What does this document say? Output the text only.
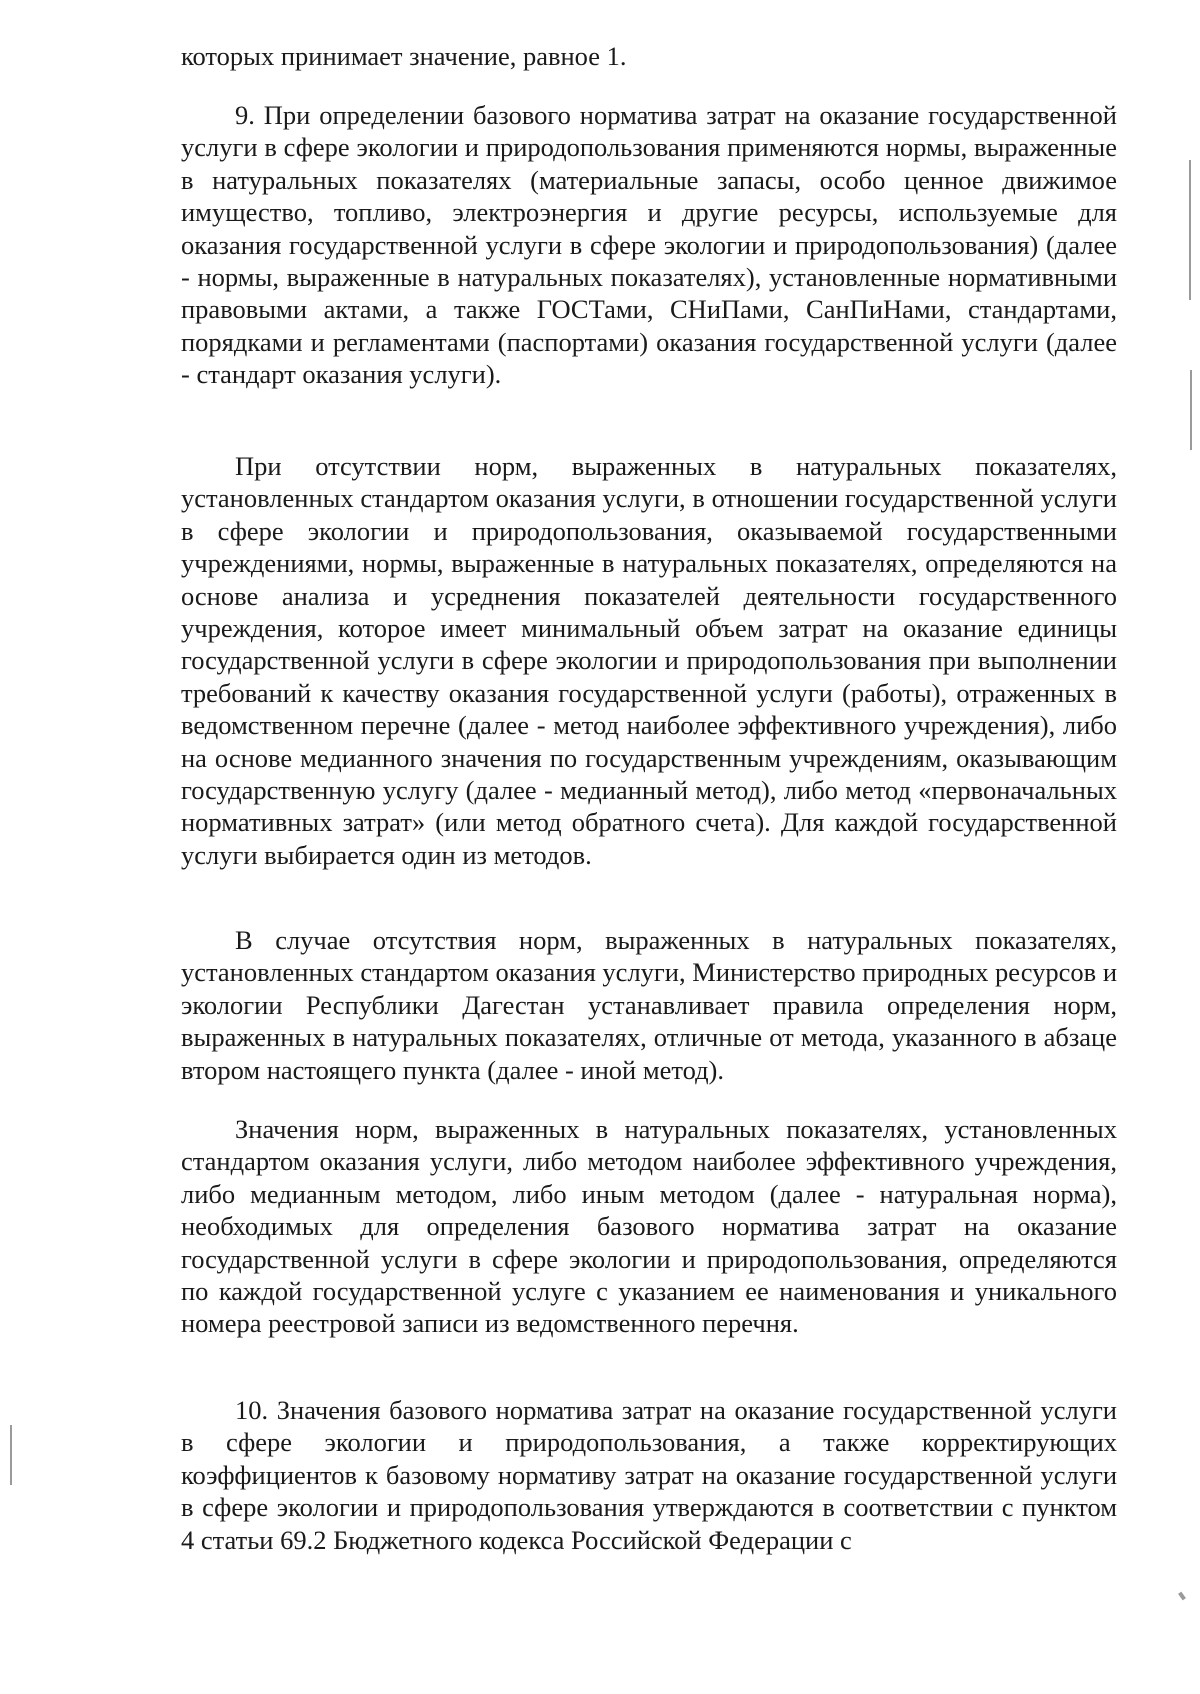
которых принимает значение, равное 1.

9. При определении базового норматива затрат на оказание государственной услуги в сфере экологии и природопользования применяются нормы, выраженные в натуральных показателях (материальные запасы, особо ценное движимое имущество, топливо, электроэнергия и другие ресурсы, используемые для оказания государственной услуги в сфере экологии и природопользования) (далее - нормы, выраженные в натуральных показателях), установленные нормативными правовыми актами, а также ГОСТами, СНиПами, СанПиНами, стандартами, порядками и регламентами (паспортами) оказания государственной услуги (далее - стандарт оказания услуги).

При отсутствии норм, выраженных в натуральных показателях, установленных стандартом оказания услуги, в отношении государственной услуги в сфере экологии и природопользования, оказываемой государственными учреждениями, нормы, выраженные в натуральных показателях, определяются на основе анализа и усреднения показателей деятельности государственного учреждения, которое имеет минимальный объем затрат на оказание единицы государственной услуги в сфере экологии и природопользования при выполнении требований к качеству оказания государственной услуги (работы), отраженных в ведомственном перечне (далее - метод наиболее эффективного учреждения), либо на основе медианного значения по государственным учреждениям, оказывающим государственную услугу (далее - медианный метод), либо метод «первоначальных нормативных затрат» (или метод обратного счета). Для каждой государственной услуги выбирается один из методов.

В случае отсутствия норм, выраженных в натуральных показателях, установленных стандартом оказания услуги, Министерство природных ресурсов и экологии Республики Дагестан устанавливает правила определения норм, выраженных в натуральных показателях, отличные от метода, указанного в абзаце втором настоящего пункта (далее - иной метод).

Значения норм, выраженных в натуральных показателях, установленных стандартом оказания услуги, либо методом наиболее эффективного учреждения, либо медианным методом, либо иным методом (далее - натуральная норма), необходимых для определения базового норматива затрат на оказание государственной услуги в сфере экологии и природопользования, определяются по каждой государственной услуге с указанием ее наименования и уникального номера реестровой записи из ведомственного перечня.

10. Значения базового норматива затрат на оказание государственной услуги в сфере экологии и природопользования, а также корректирующих коэффициентов к базовому нормативу затрат на оказание государственной услуги в сфере экологии и природопользования утверждаются в соответствии с пунктом 4 статьи 69.2 Бюджетного кодекса Российской Федерации с
